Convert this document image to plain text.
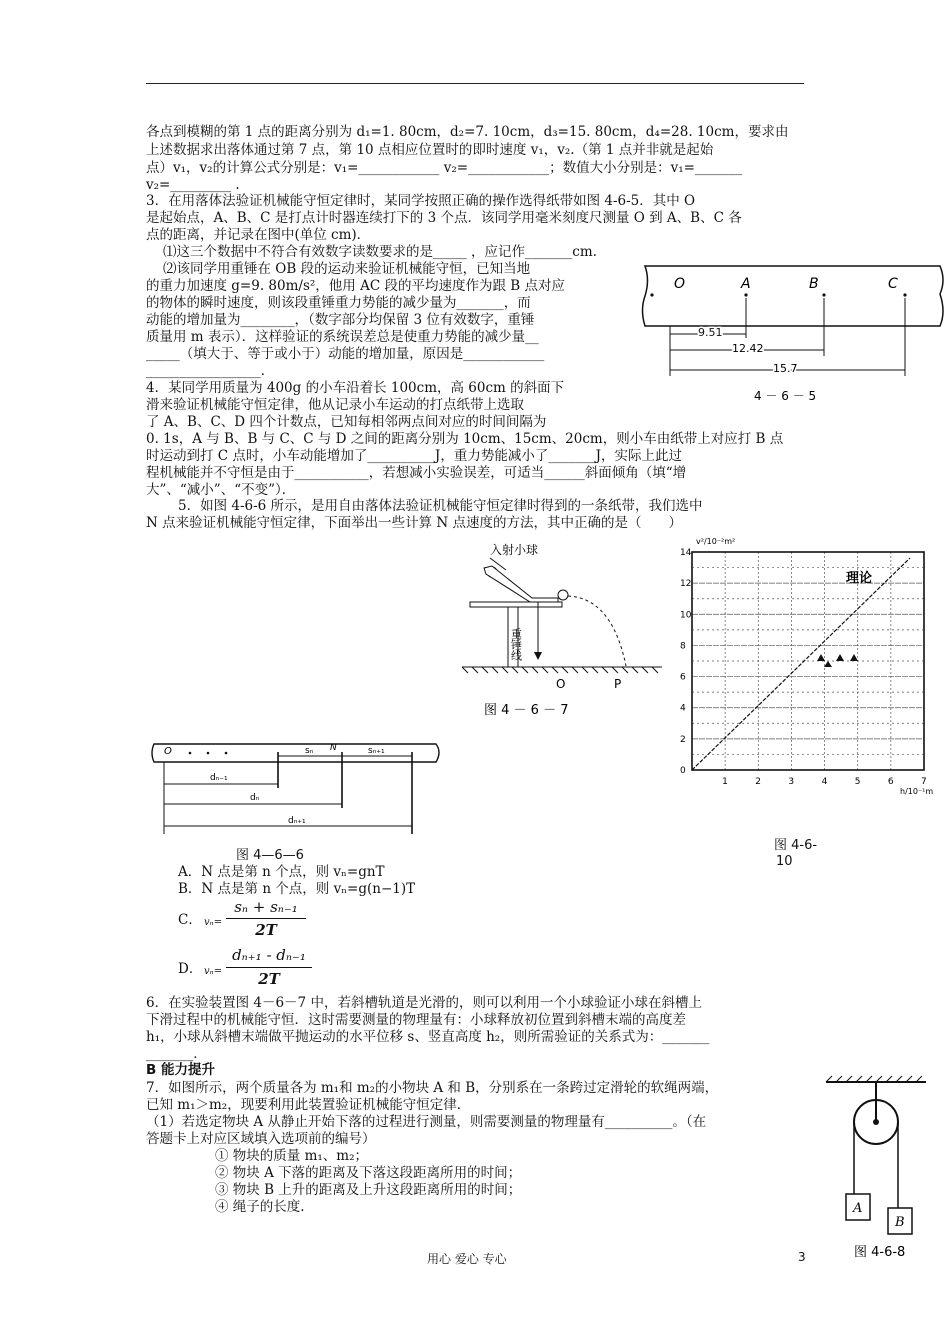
各点到模糊的第 1 点的距离分别为 d₁=1. 80cm，d₂=7. 10cm，d₃=15. 80cm，d₄=28. 10cm，要求由
上述数据求出落体通过第 7 点，第 10 点相应位置时的即时速度 v₁，v₂.（第 1 点并非就是起始
点）v₁，v₂的计算公式分别是：v₁=____________ v₂=____________；数值大小分别是：v₁=_______
v₂=_________ .
3．在用落体法验证机械能守恒定律时，某同学按照正确的操作选得纸带如图 4-6-5．其中 O
是起始点，A、B、C 是打点计时器连续打下的 3 个点．该同学用毫米刻度尺测量 O 到 A、B、C 各
点的距离，并记录在图中(单位 cm)．
⑴这三个数据中不符合有效数字读数要求的是_____ ，应记作_______cm.
⑵该同学用重锤在 OB 段的运动来验证机械能守恒，已知当地
的重力加速度 g=9. 80m/s²，他用 AC 段的平均速度作为跟 B 点对应
的物体的瞬时速度，则该段重锤重力势能的减少量为_______，而
动能的增加量为________，（数字部分均保留 3 位有效数字，重锤
质量用 m 表示）．这样验证的系统误差总是使重力势能的减少量__
_____（填大于、等于或小于）动能的增加量，原因是____________
_________________．
O	A	B	C
9.51
12.42
15.7
4 － 6 － 5
4．某同学用质量为 400g 的小车沿着长 100cm，高 60cm 的斜面下
滑来验证机械能守恒定律，他从记录小车运动的打点纸带上选取
了 A、B、C、D 四个计数点，已知每相邻两点间对应的时间间隔为
0. 1s，A 与 B、B 与 C、C 与 D 之间的距离分别为 10cm、15cm、20cm，则小车由纸带上对应打 B 点
时运动到打 C 点时，小车动能增加了__________J，重力势能减小了_______J，实际上此过
程机械能并不守恒是由于___________，若想减小实验误差，可适当______斜面倾角（填“增
大”、“减小”、“不变”）．
5．如图 4-6-6 所示，是用自由落体法验证机械能守恒定律时得到的一条纸带，我们选中
N 点来验证机械能守恒定律，下面举出一些计算 N 点速度的方法，其中正确的是（　　）
入射小球
重锤线
O	P
图 4 － 6 － 7
v²/10⁻²m²
理论
0
2
4
6
8
10
12
14
1	2	3	4	5	6	7
h/10⁻¹m
图 4-6-
10
O	N
sₙ	sₙ₊₁
dₙ₋₁
dₙ
dₙ₊₁
图 4—6—6
A．N 点是第 n 个点，则 vₙ=gnT
B．N 点是第 n 个点，则 vₙ=g(n−1)T
C． vₙ=
sₙ + sₙ₋₁
2T
D． vₙ=
dₙ₊₁ - dₙ₋₁
2T
6．在实验装置图 4－6－7 中，若斜槽轨道是光滑的，则可以利用一个小球验证小球在斜槽上
下滑过程中的机械能守恒．这时需要测量的物理量有：小球释放初位置到斜槽末端的高度差
h₁，小球从斜槽末端做平抛运动的水平位移 s、竖直高度 h₂，则所需验证的关系式为：_______
_______．
B 能力提升
7．如图所示，两个质量各为 m₁和 m₂的小物块 A 和 B，分别系在一条跨过定滑轮的软绳两端，
已知 m₁＞m₂，现要利用此装置验证机械能守恒定律．
（1）若选定物块 A 从静止开始下落的过程进行测量，则需要测量的物理量有__________。（在
答题卡上对应区域填入选项前的编号）
① 物块的质量 m₁、m₂；
② 物块 A 下落的距离及下落这段距离所用的时间；
③ 物块 B 上升的距离及上升这段距离所用的时间；
④ 绳子的长度.	A
B
图 4-6-8
用心 爱心 专心	3
